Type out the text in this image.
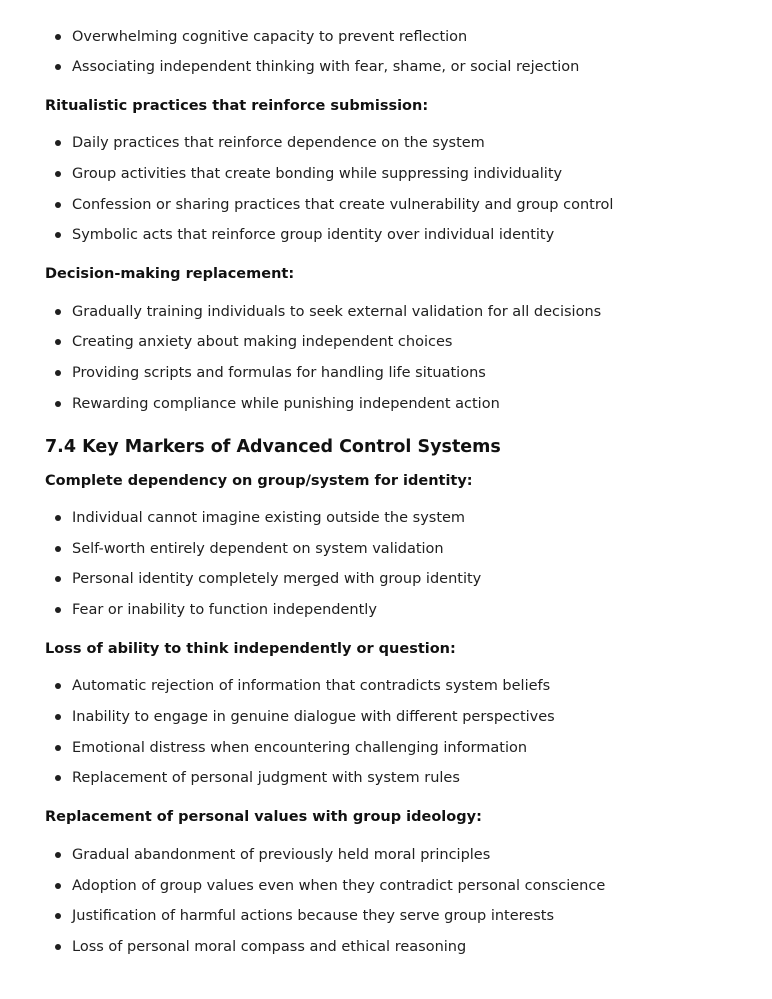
Overwhelming cognitive capacity to prevent reflection
Associating independent thinking with fear, shame, or social rejection
Ritualistic practices that reinforce submission:
Daily practices that reinforce dependence on the system
Group activities that create bonding while suppressing individuality
Confession or sharing practices that create vulnerability and group control
Symbolic acts that reinforce group identity over individual identity
Decision-making replacement:
Gradually training individuals to seek external validation for all decisions
Creating anxiety about making independent choices
Providing scripts and formulas for handling life situations
Rewarding compliance while punishing independent action
7.4 Key Markers of Advanced Control Systems
Complete dependency on group/system for identity:
Individual cannot imagine existing outside the system
Self-worth entirely dependent on system validation
Personal identity completely merged with group identity
Fear or inability to function independently
Loss of ability to think independently or question:
Automatic rejection of information that contradicts system beliefs
Inability to engage in genuine dialogue with different perspectives
Emotional distress when encountering challenging information
Replacement of personal judgment with system rules
Replacement of personal values with group ideology:
Gradual abandonment of previously held moral principles
Adoption of group values even when they contradict personal conscience
Justification of harmful actions because they serve group interests
Loss of personal moral compass and ethical reasoning
